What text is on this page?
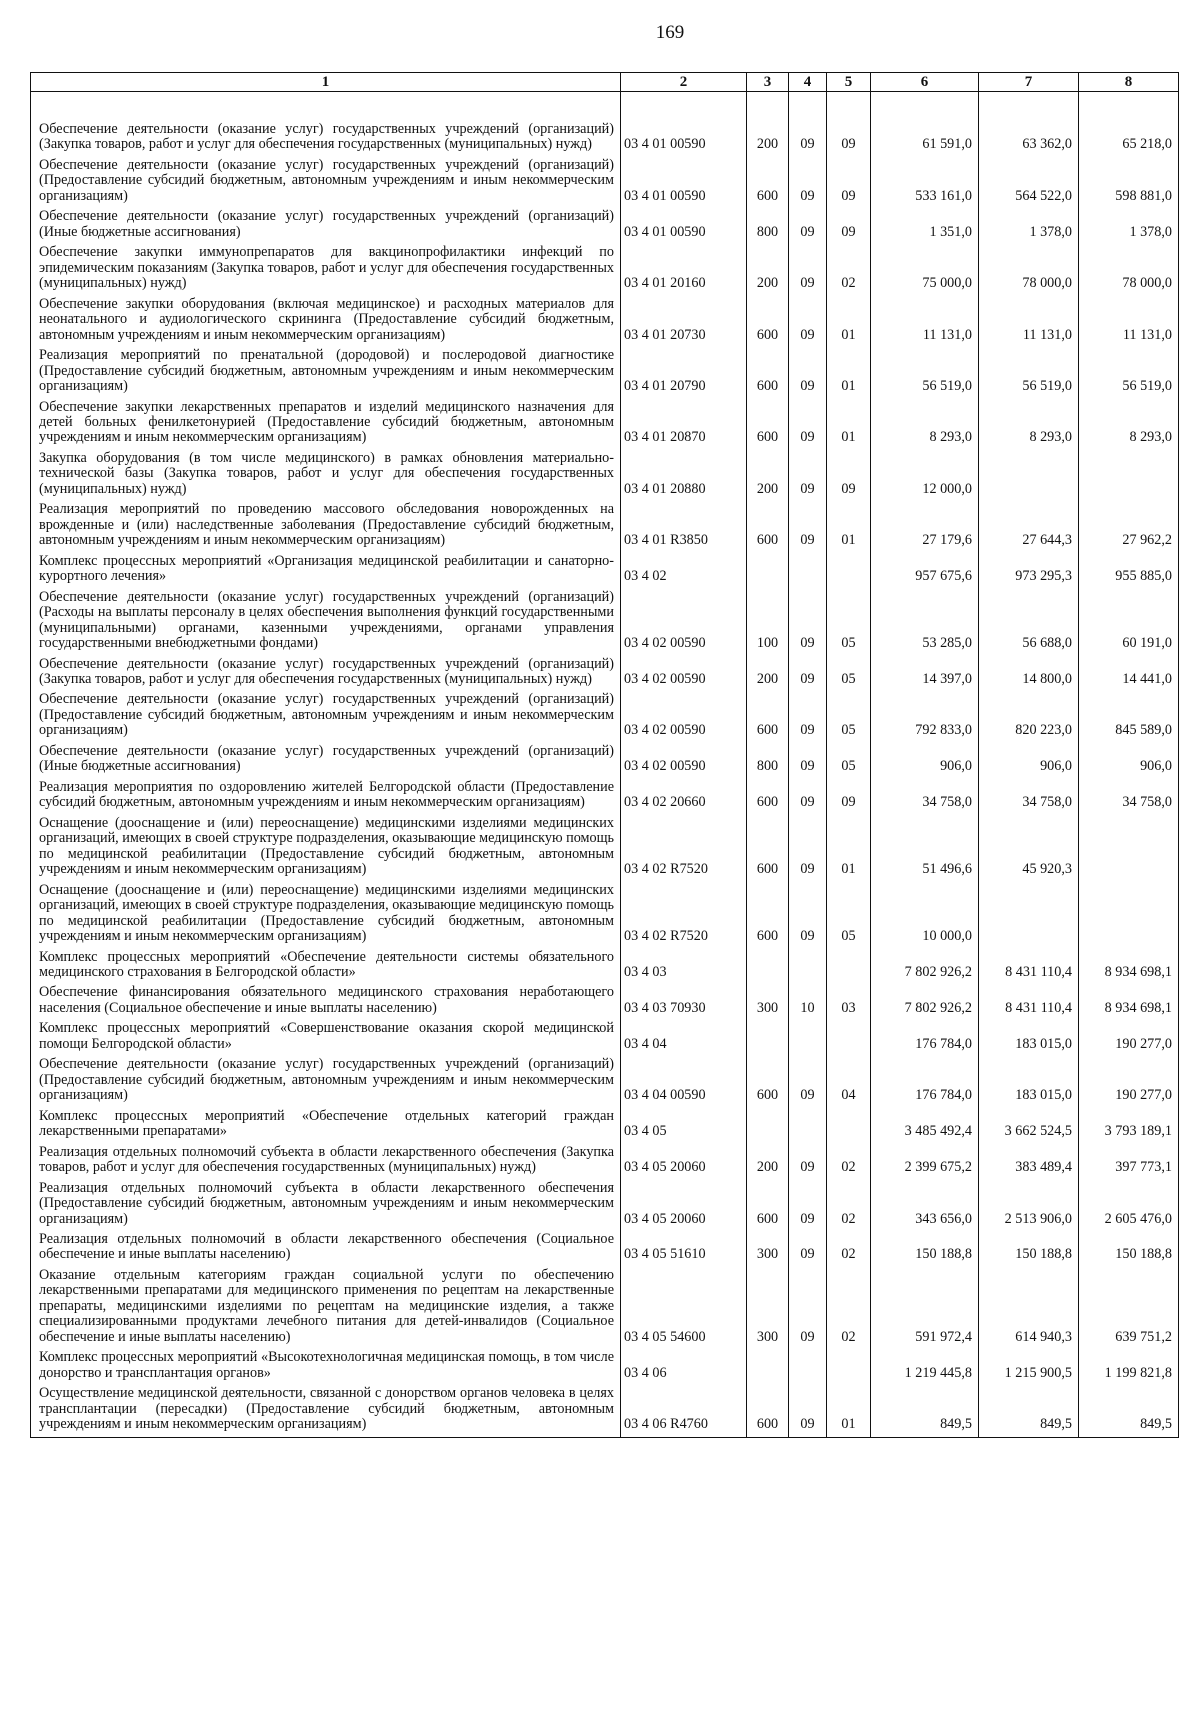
169
1	2	3	4	5	6	7	8
Обеспечение деятельности (оказание услуг) государственных учреждений (организаций) (Закупка товаров, работ и услуг для обеспечения государственных (муниципальных) нужд)	03 4 01 00590	200	09	09	61 591,0	63 362,0	65 218,0
Обеспечение деятельности (оказание услуг) государственных учреждений (организаций) (Предоставление субсидий бюджетным, автономным учреждениям и иным некоммерческим организациям)	03 4 01 00590	600	09	09	533 161,0	564 522,0	598 881,0
Обеспечение деятельности (оказание услуг) государственных учреждений (организаций) (Иные бюджетные ассигнования)	03 4 01 00590	800	09	09	1 351,0	1 378,0	1 378,0
Обеспечение закупки иммунопрепаратов для вакцинопрофилактики инфекций по эпидемическим показаниям (Закупка товаров, работ и услуг для обеспечения государственных (муниципальных) нужд)	03 4 01 20160	200	09	02	75 000,0	78 000,0	78 000,0
Обеспечение закупки оборудования (включая медицинское) и расходных материалов для неонатального и аудиологического скрининга (Предоставление субсидий бюджетным, автономным учреждениям и иным некоммерческим организациям)	03 4 01 20730	600	09	01	11 131,0	11 131,0	11 131,0
Реализация мероприятий по пренатальной (дородовой) и послеродовой диагностике (Предоставление субсидий бюджетным, автономным учреждениям и иным некоммерческим организациям)	03 4 01 20790	600	09	01	56 519,0	56 519,0	56 519,0
Обеспечение закупки лекарственных препаратов и изделий медицинского назначения для детей больных фенилкетонурией (Предоставление субсидий бюджетным, автономным учреждениям и иным некоммерческим организациям)	03 4 01 20870	600	09	01	8 293,0	8 293,0	8 293,0
Закупка оборудования (в том числе медицинского) в рамках обновления материально-технической базы (Закупка товаров, работ и услуг для обеспечения государственных (муниципальных) нужд)	03 4 01 20880	200	09	09	12 000,0		
Реализация мероприятий по проведению массового обследования новорожденных на врожденные и (или) наследственные заболевания (Предоставление субсидий бюджетным, автономным учреждениям и иным некоммерческим организациям)	03 4 01 R3850	600	09	01	27 179,6	27 644,3	27 962,2
Комплекс процессных мероприятий «Организация медицинской реабилитации и санаторно-курортного лечения»	03 4 02				957 675,6	973 295,3	955 885,0
Обеспечение деятельности (оказание услуг) государственных учреждений (организаций) (Расходы на выплаты персоналу в целях обеспечения выполнения функций государственными (муниципальными) органами, казенными учреждениями, органами управления государственными внебюджетными фондами)	03 4 02 00590	100	09	05	53 285,0	56 688,0	60 191,0
Обеспечение деятельности (оказание услуг) государственных учреждений (организаций) (Закупка товаров, работ и услуг для обеспечения государственных (муниципальных) нужд)	03 4 02 00590	200	09	05	14 397,0	14 800,0	14 441,0
Обеспечение деятельности (оказание услуг) государственных учреждений (организаций) (Предоставление субсидий бюджетным, автономным учреждениям и иным некоммерческим организациям)	03 4 02 00590	600	09	05	792 833,0	820 223,0	845 589,0
Обеспечение деятельности (оказание услуг) государственных учреждений (организаций) (Иные бюджетные ассигнования)	03 4 02 00590	800	09	05	906,0	906,0	906,0
Реализация мероприятия по оздоровлению жителей Белгородской области (Предоставление субсидий бюджетным, автономным учреждениям и иным некоммерческим организациям)	03 4 02 20660	600	09	09	34 758,0	34 758,0	34 758,0
Оснащение (дооснащение и (или) переоснащение) медицинскими изделиями медицинских организаций, имеющих в своей структуре подразделения, оказывающие медицинскую помощь по медицинской реабилитации (Предоставление субсидий бюджетным, автономным учреждениям и иным некоммерческим организациям)	03 4 02 R7520	600	09	01	51 496,6	45 920,3	
Оснащение (дооснащение и (или) переоснащение) медицинскими изделиями медицинских организаций, имеющих в своей структуре подразделения, оказывающие медицинскую помощь по медицинской реабилитации (Предоставление субсидий бюджетным, автономным учреждениям и иным некоммерческим организациям)	03 4 02 R7520	600	09	05	10 000,0		
Комплекс процессных мероприятий «Обеспечение деятельности системы обязательного медицинского страхования в Белгородской области»	03 4 03				7 802 926,2	8 431 110,4	8 934 698,1
Обеспечение финансирования обязательного медицинского страхования неработающего населения (Социальное обеспечение и иные выплаты населению)	03 4 03 70930	300	10	03	7 802 926,2	8 431 110,4	8 934 698,1
Комплекс процессных мероприятий «Совершенствование оказания скорой медицинской помощи Белгородской области»	03 4 04				176 784,0	183 015,0	190 277,0
Обеспечение деятельности (оказание услуг) государственных учреждений (организаций) (Предоставление субсидий бюджетным, автономным учреждениям и иным некоммерческим организациям)	03 4 04 00590	600	09	04	176 784,0	183 015,0	190 277,0
Комплекс процессных мероприятий «Обеспечение отдельных категорий граждан лекарственными препаратами»	03 4 05				3 485 492,4	3 662 524,5	3 793 189,1
Реализация отдельных полномочий субъекта в области лекарственного обеспечения (Закупка товаров, работ и услуг для обеспечения государственных (муниципальных) нужд)	03 4 05 20060	200	09	02	2 399 675,2	383 489,4	397 773,1
Реализация отдельных полномочий субъекта в области лекарственного обеспечения (Предоставление субсидий бюджетным, автономным учреждениям и иным некоммерческим организациям)	03 4 05 20060	600	09	02	343 656,0	2 513 906,0	2 605 476,0
Реализация отдельных полномочий в области лекарственного обеспечения (Социальное обеспечение и иные выплаты населению)	03 4 05 51610	300	09	02	150 188,8	150 188,8	150 188,8
Оказание отдельным категориям граждан социальной услуги по обеспечению лекарственными препаратами для медицинского применения по рецептам на лекарственные препараты, медицинскими изделиями по рецептам на медицинские изделия, а также специализированными продуктами лечебного питания для детей-инвалидов (Социальное обеспечение и иные выплаты населению)	03 4 05 54600	300	09	02	591 972,4	614 940,3	639 751,2
Комплекс процессных мероприятий «Высокотехнологичная медицинская помощь, в том числе донорство и трансплантация органов»	03 4 06				1 219 445,8	1 215 900,5	1 199 821,8
Осуществление медицинской деятельности, связанной с донорством органов человека в целях трансплантации (пересадки) (Предоставление субсидий бюджетным, автономным учреждениям и иным некоммерческим организациям)	03 4 06 R4760	600	09	01	849,5	849,5	849,5
